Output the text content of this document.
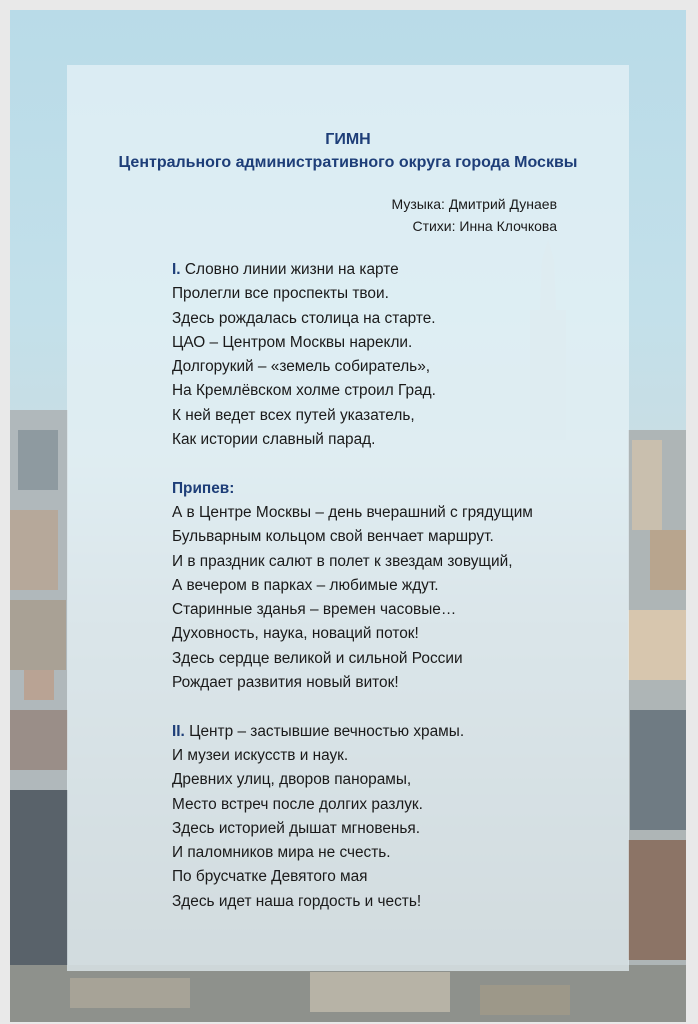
ГИМН
Центрального административного округа города Москвы
Музыка: Дмитрий Дунаев
Стихи: Инна Клочкова
I. Словно линии жизни на карте
Пролегли все проспекты твои.
Здесь рождалась столица на старте.
ЦАО – Центром Москвы нарекли.
Долгорукий – «земель собиратель»,
На Кремлёвском холме строил Град.
К ней ведет всех путей указатель,
Как истории славный парад.
Припев:
А в Центре Москвы – день вчерашний с грядущим
Бульварным кольцом свой венчает маршрут.
И в праздник салют в полет к звездам зовущий,
А вечером в парках – любимые ждут.
Старинные зданья – времен часовые…
Духовность, наука, новаций поток!
Здесь сердце великой и сильной России
Рождает развития новый виток!
II. Центр – застывшие вечностью храмы.
И музеи искусств и наук.
Древних улиц, дворов панорамы,
Место встреч после долгих разлук.
Здесь историей дышат мгновенья.
И паломников мира не счесть.
По брусчатке Девятого мая
Здесь идет наша гордость и честь!
